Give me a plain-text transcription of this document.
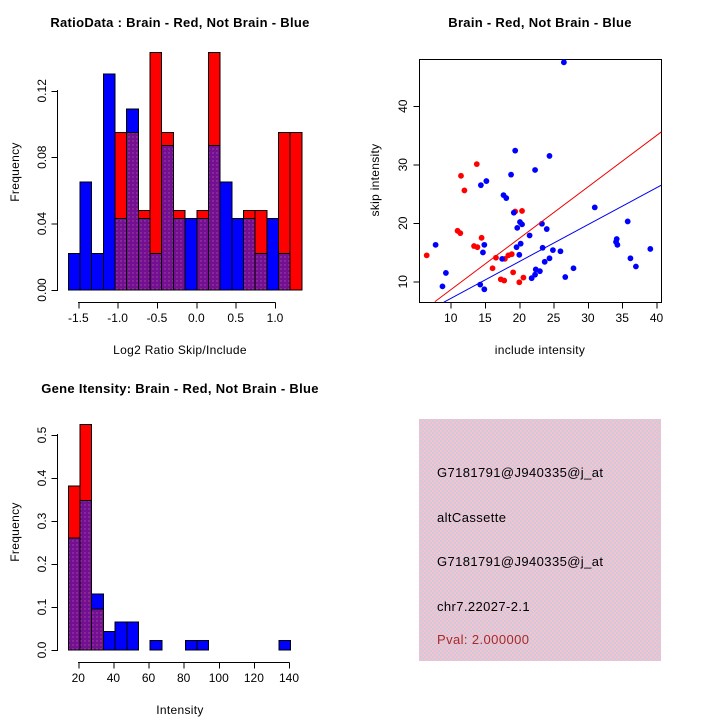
0.00
0.04
0.08
0.12
-1.5 -1.0 -0.5 0.0 0.5 1.0
RatioData : Brain - Red, Not Brain - Blue
Frequency
Log2 Ratio Skip/Include
10 15 20 25 30 35 40
10
20
30
40
Brain - Red, Not Brain - Blue
skip intensity
include intensity
0.0
0.1
0.2
0.3
0.4
0.5
20 40 60 80 100 120 140
Gene Itensity: Brain - Red, Not Brain - Blue
Frequency
Intensity
G7181791@J940335@j_at
altCassette
G7181791@J940335@j_at
chr7.22027-2.1
Pval: 2.000000
